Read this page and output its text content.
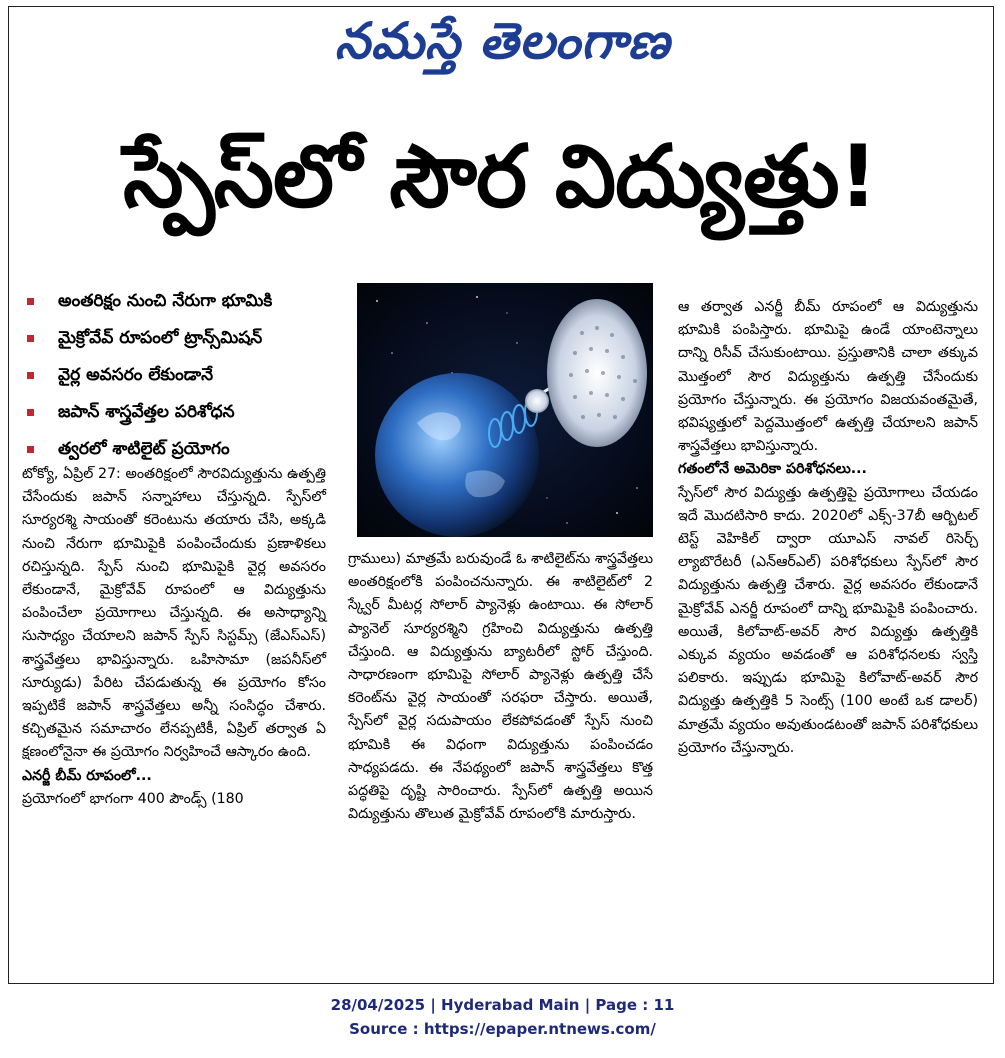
నమస్తే తెలంగాణ
స్పేస్‌లో సౌర విద్యుత్తు!
అంతరిక్షం నుంచి నేరుగా భూమికి
మైక్రోవేవ్ రూపంలో ట్రాన్స్‌మిషన్
వైర్ల అవసరం లేకుండానే
జపాన్ శాస్త్రవేత్తల పరిశోధన
త్వరలో శాటిలైట్ ప్రయోగం

టోక్యో, ఏప్రిల్ 27: అంతరిక్షంలో సౌరవిద్యుత్తును ఉత్పత్తి చేసేందుకు జపాన్ సన్నాహాలు చేస్తున్నది. స్పేస్‌లో సూర్యరశ్మి సాయంతో కరెంటును తయారు చేసి, అక్కడి నుంచి నేరుగా భూమిపైకి పంపించేందుకు ప్రణాళికలు రచిస్తున్నది. స్పేస్ నుంచి భూమిపైకి వైర్ల అవసరం లేకుండానే, మైక్రోవేవ్ రూపంలో ఆ విద్యుత్తును పంపించేలా ప్రయోగాలు చేస్తున్నది. ఈ అసాధ్యాన్ని సుసాధ్యం చేయాలని జపాన్ స్పేస్ సిస్టమ్స్ (జేఎస్ఎస్) శాస్త్రవేత్తలు భావిస్తున్నారు. ఒహిసామా (జపనీస్‌లో సూర్యుడు) పేరిట చేపడుతున్న ఈ ప్రయోగం కోసం ఇప్పటికే జపాన్ శాస్త్రవేత్తలు అన్నీ సంసిద్ధం చేశారు. కచ్చితమైన సమాచారం లేనప్పటికీ, ఏప్రిల్ తర్వాత ఏ క్షణంలోనైనా ఈ ప్రయోగం నిర్వహించే ఆస్కారం ఉంది.

ఎనర్జీ బీమ్ రూపంలో...

ప్రయోగంలో భాగంగా 400 పౌండ్స్ (180

గ్రాములు) మాత్రమే బరువుండే ఓ శాటిలైట్‌ను శాస్త్రవేత్తలు అంతరిక్షంలోకి పంపించనున్నారు. ఈ శాటిలైట్‌లో 2 స్క్వేర్ మీటర్ల సోలార్ ప్యానెళ్లు ఉంటాయి. ఈ సోలార్ ప్యానెల్ సూర్యరశ్మిని గ్రహించి విద్యుత్తును ఉత్పత్తి చేస్తుంది. ఆ విద్యుత్తును బ్యాటరీలో స్టోర్ చేస్తుంది. సాధారణంగా భూమిపై సోలార్ ప్యానెళ్లు ఉత్పత్తి చేసే కరెంట్‌ను వైర్ల సాయంతో సరఫరా చేస్తారు. అయితే, స్పేస్‌లో వైర్ల సదుపాయం లేకపోవడంతో స్పేస్ నుంచి భూమికి ఈ విధంగా విద్యుత్తును పంపించడం సాధ్యపడదు. ఈ నేపథ్యంలో జపాన్ శాస్త్రవేత్తలు కొత్త పద్ధతిపై దృష్టి సారించారు. స్పేస్‌లో ఉత్పత్తి అయిన విద్యుత్తును తొలుత మైక్రోవేవ్ రూపంలోకి మారుస్తారు.

ఆ తర్వాత ఎనర్జీ బీమ్ రూపంలో ఆ విద్యుత్తును భూమికి పంపిస్తారు. భూమిపై ఉండే యాంటెన్నాలు దాన్ని రిసీవ్ చేసుకుంటాయి. ప్రస్తుతానికి చాలా తక్కువ మొత్తంలో సౌర విద్యుత్తును ఉత్పత్తి చేసేందుకు ప్రయోగం చేస్తున్నారు. ఈ ప్రయోగం విజయవంతమైతే, భవిష్యత్తులో పెద్దమొత్తంలో ఉత్పత్తి చేయాలని జపాన్ శాస్త్రవేత్తలు భావిస్తున్నారు.

గతంలోనే అమెరికా పరిశోధనలు...

స్పేస్‌లో సౌర విద్యుత్తు ఉత్పత్తిపై ప్రయోగాలు చేయడం ఇదే మొదటిసారి కాదు. 2020లో ఎక్స్-37బీ ఆర్బిటల్ టెస్ట్ వెహికిల్ ద్వారా యూఎస్ నావల్ రిసెర్చ్ ల్యాబొరేటరీ (ఎన్ఆర్ఎల్) పరిశోధకులు స్పేస్‌లో సౌర విద్యుత్తును ఉత్పత్తి చేశారు. వైర్ల అవసరం లేకుండానే మైక్రోవేవ్ ఎనర్జీ రూపంలో దాన్ని భూమిపైకి పంపించారు. అయితే, కిలోవాట్-అవర్ సౌర విద్యుత్తు ఉత్పత్తికి ఎక్కువ వ్యయం అవడంతో ఆ పరిశోధనలకు స్వస్తి పలికారు. ఇప్పుడు భూమిపై కిలోవాట్-అవర్ సౌర విద్యుత్తు ఉత్పత్తికి 5 సెంట్స్ (100 అంటే ఒక డాలర్) మాత్రమే వ్యయం అవుతుండటంతో జపాన్ పరిశోధకులు ప్రయోగం చేస్తున్నారు.

28/04/2025 | Hyderabad Main | Page : 11
Source : https://epaper.ntnews.com/
